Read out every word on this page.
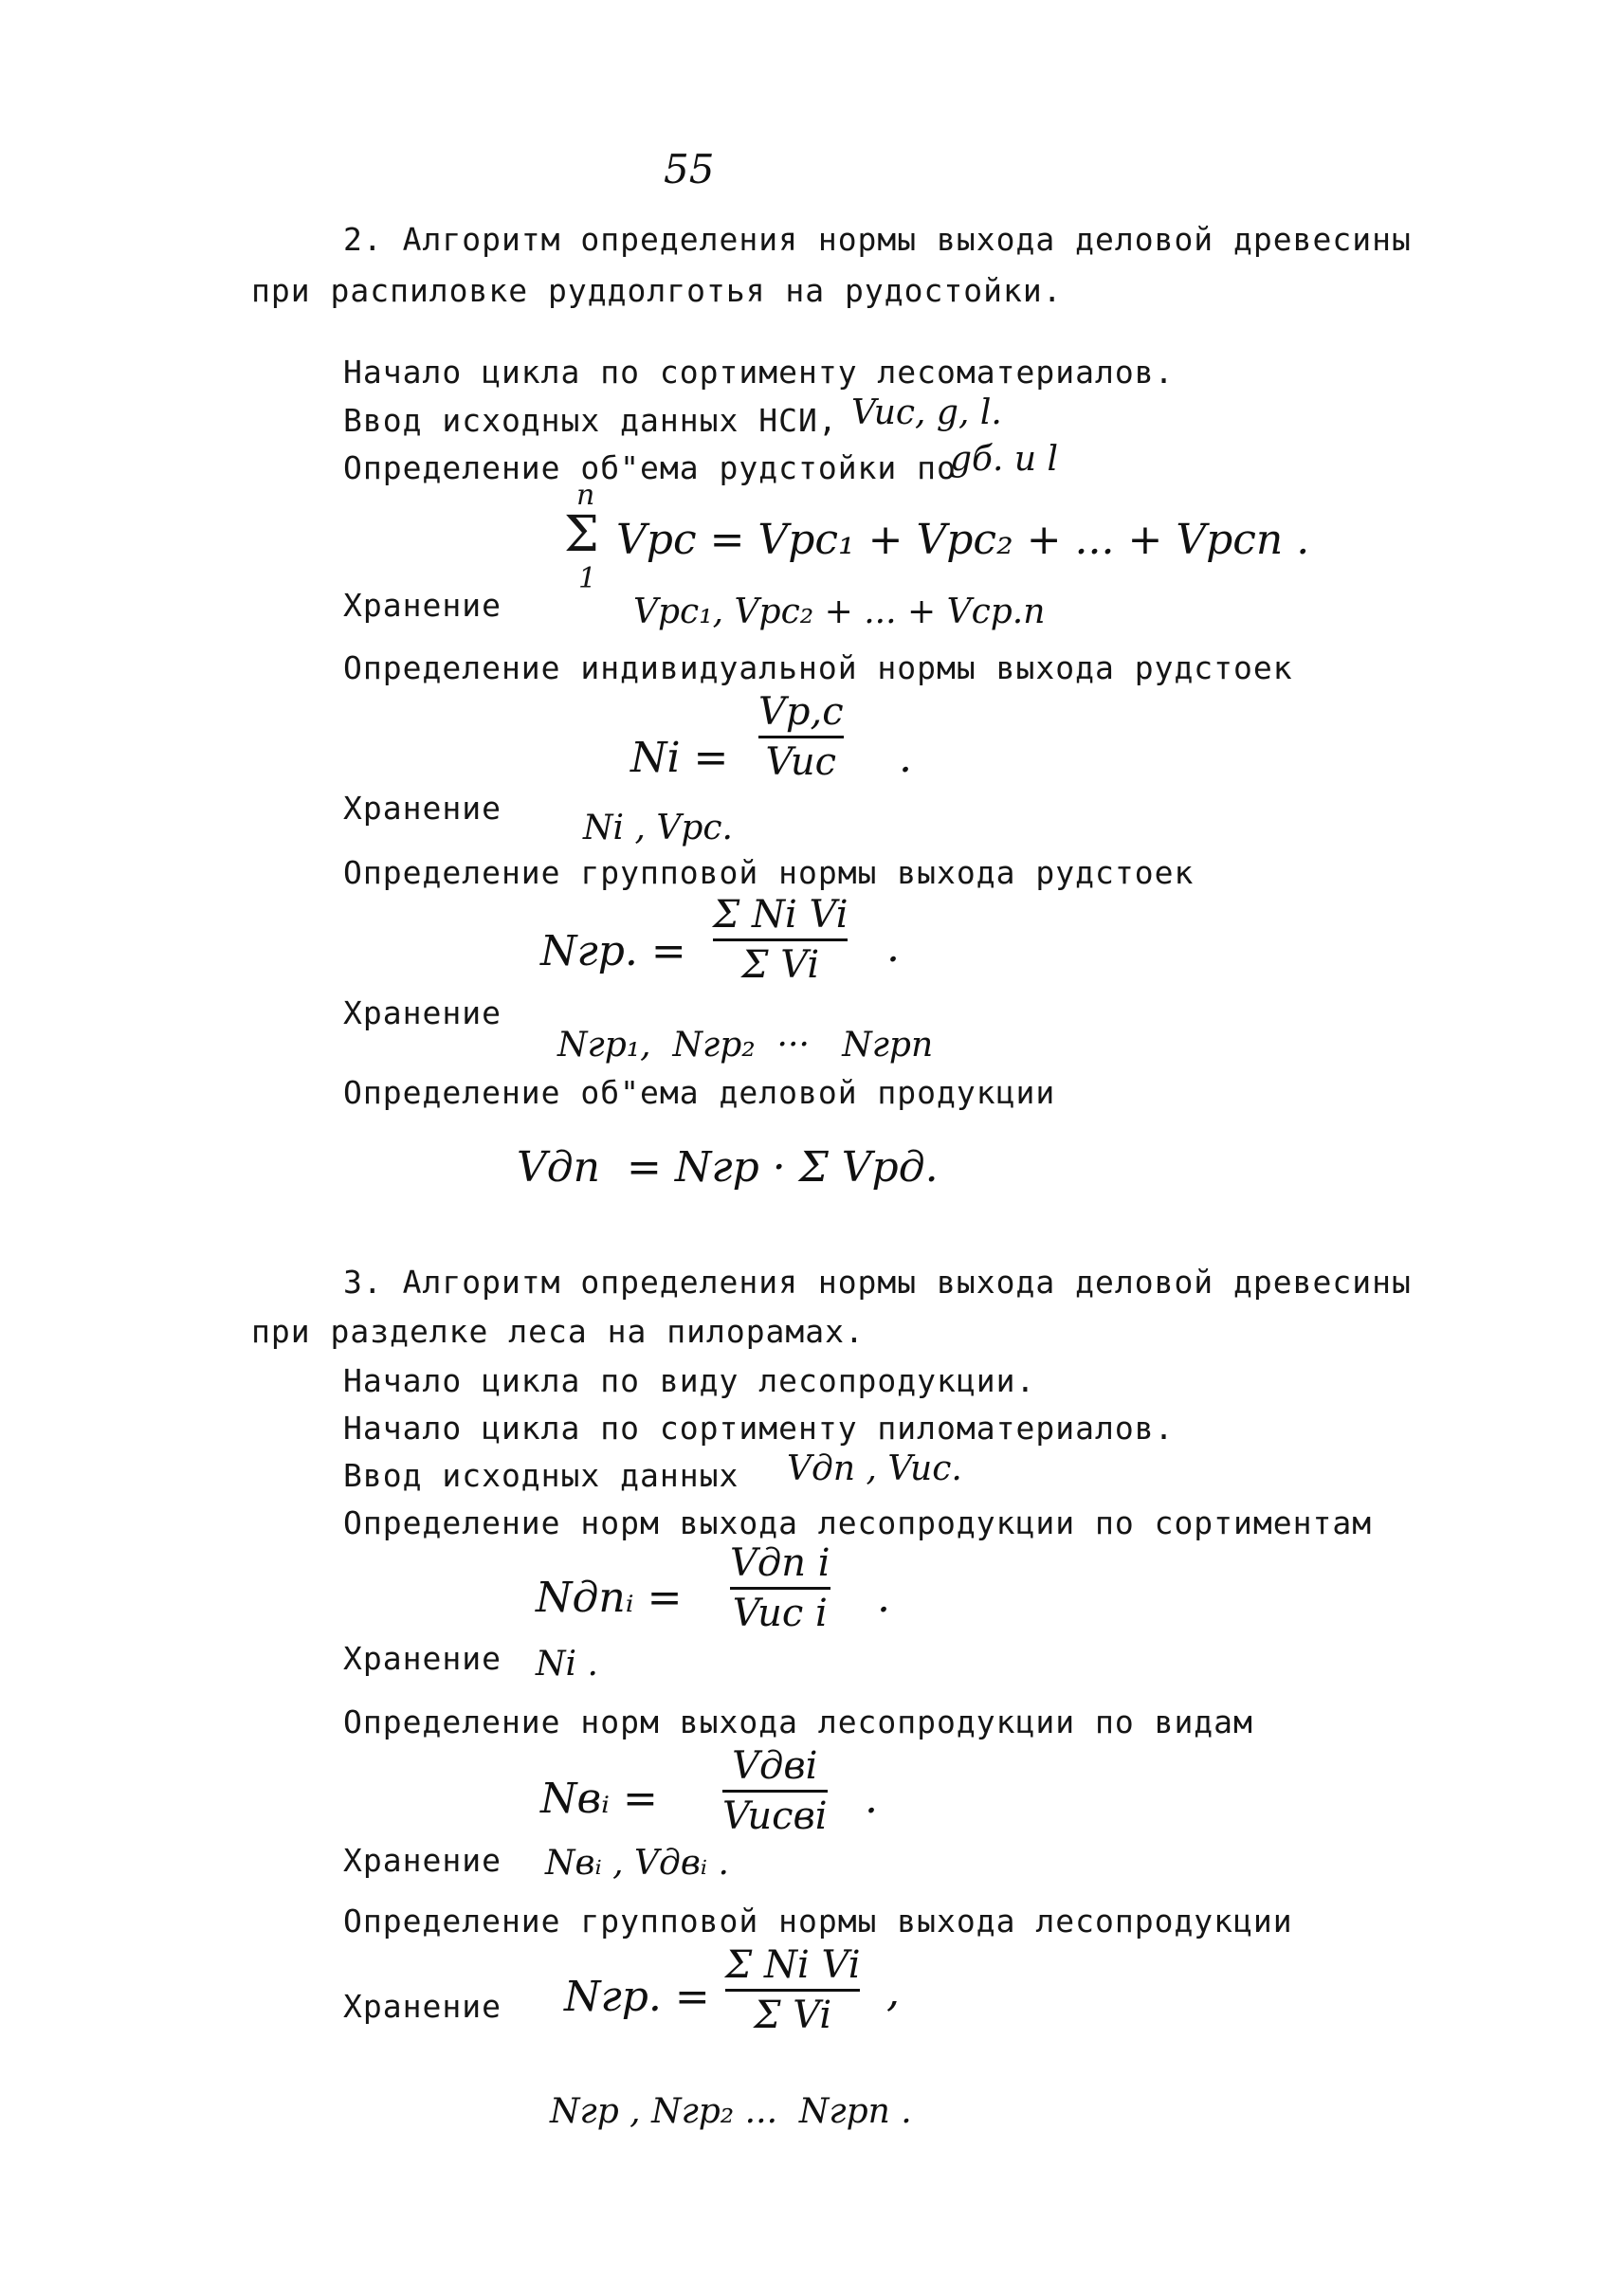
55
2. Алгоритм определения нормы выхода деловой древесины
при распиловке руддолготья на рудостойки.
Начало цикла по сортименту лесоматериалов.
Ввод исходных данных НСИ, Vuc, g, l.
Определение об"ема рудстойки по
gб. и l
n
Σ
1
Vpc = Vpc₁ + Vpc₂ + ... + Vpcn .
Хранение	Vpc₁, Vpc₂ + ... + Vcp.n
Определение индивидуальной нормы выхода рудстоек
Ni =
Vp,c
Vuc .
Хранение
Ni , Vpc.
Определение групповой нормы выхода рудстоек
Nгр. =
Σ Ni Vi
Σ Vi .
Хранение
Nгр₁,  Nгр₂  ···   Nгрn
Определение об"ема деловой продукции
Vдп  = Nгр · Σ Vpд.
3. Алгоритм определения нормы выхода деловой древесины
при разделке леса на пилорамах.
Начало цикла по виду лесопродукции.
Начало цикла по сортименту пиломатериалов.
Ввод исходных данных Vдп , Vuc.
Определение норм выхода лесопродукции по сортиментам
Nдпᵢ =
Vдп i
Vuc i .
Хранение Ni .
Определение норм выхода лесопродукции по видам
Nвᵢ =
Vдвi
Vucвi .
Хранение Nвᵢ , Vдвᵢ .
Определение групповой нормы выхода лесопродукции
Nгр. =
Σ Ni Vi
Σ Vi ,
Хранение
Nгр , Nгр₂ ...  Nгрn .
